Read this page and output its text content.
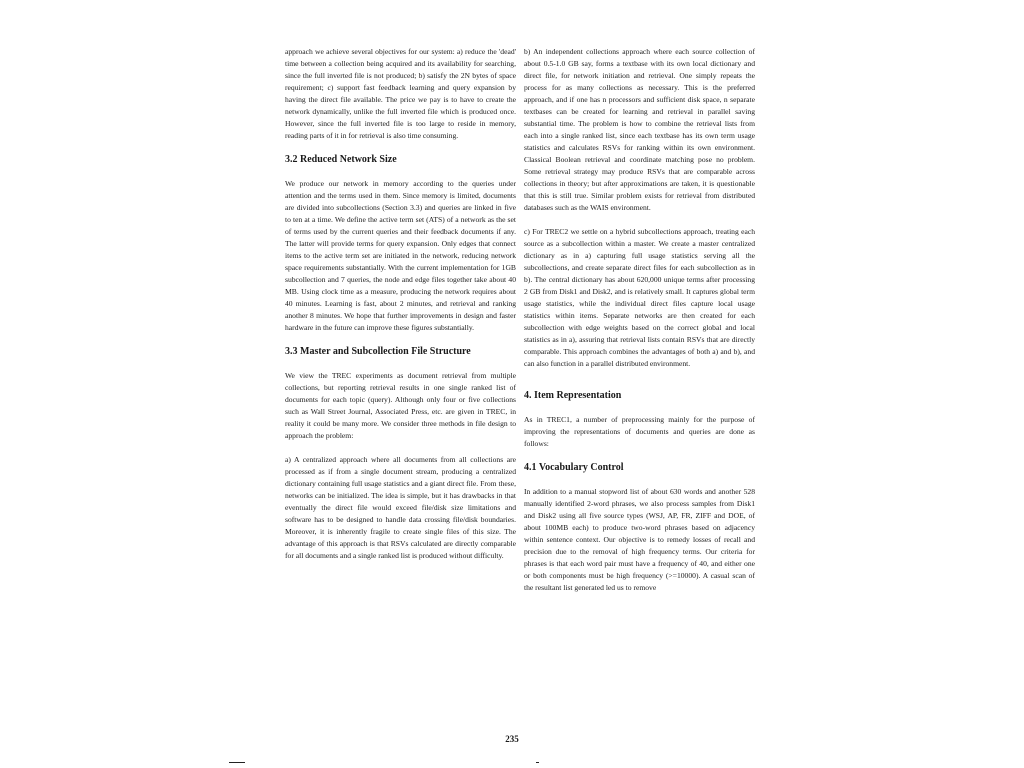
approach we achieve several objectives for our system: a) reduce the 'dead' time between a collection being acquired and its availability for searching, since the full inverted file is not produced; b) satisfy the 2N bytes of space requirement; c) support fast feedback learning and query expansion by having the direct file available. The price we pay is to have to create the network dynamically, unlike the full inverted file which is produced once. However, since the full inverted file is too large to reside in memory, reading parts of it in for retrieval is also time consuming.

3.2 Reduced Network Size

We produce our network in memory according to the queries under attention and the terms used in them. Since memory is limited, documents are divided into subcollections (Section 3.3) and queries are linked in five to ten at a time. We define the active term set (ATS) of a network as the set of terms used by the current queries and their feedback documents if any. The latter will provide terms for query expansion. Only edges that connect items to the active term set are initiated in the network, reducing network space requirements substantially. With the current implementation for 1GB subcollection and 7 queries, the node and edge files together take about 40 MB. Using clock time as a measure, producing the network requires about 40 minutes. Learning is fast, about 2 minutes, and retrieval and ranking another 8 minutes. We hope that further improvements in design and faster hardware in the future can improve these figures substantially.

3.3 Master and Subcollection File Structure

We view the TREC experiments as document retrieval from multiple collections, but reporting retrieval results in one single ranked list of documents for each topic (query). Although only four or five collections such as Wall Street Journal, Associated Press, etc. are given in TREC, in reality it could be many more. We consider three methods in file design to approach the problem:

a) A centralized approach where all documents from all collections are processed as if from a single document stream, producing a centralized dictionary containing full usage statistics and a giant direct file. From these, networks can be initialized. The idea is simple, but it has drawbacks in that eventually the direct file would exceed file/disk size limitations and software has to be designed to handle data crossing file/disk boundaries. Moreover, it is inherently fragile to create single files of this size. The advantage of this approach is that RSVs calculated are directly comparable for all documents and a single ranked list is produced without difficulty.

b) An independent collections approach where each source collection of about 0.5-1.0 GB say, forms a textbase with its own local dictionary and direct file, for network initiation and retrieval. One simply repeats the process for as many collections as necessary. This is the preferred approach, and if one has n processors and sufficient disk space, n separate textbases can be created for learning and retrieval in parallel saving substantial time. The problem is how to combine the retrieval lists from each into a single ranked list, since each textbase has its own term usage statistics and calculates RSVs for ranking within its own environment. Classical Boolean retrieval and coordinate matching pose no problem. Some retrieval strategy may produce RSVs that are comparable across collections in theory; but after approximations are taken, it is questionable that this is still true. Similar problem exists for retrieval from distributed databases such as the WAIS environment.

c) For TREC2 we settle on a hybrid subcollections approach, treating each source as a subcollection within a master. We create a master centralized dictionary as in a) capturing full usage statistics serving all the subcollections, and create separate direct files for each subcollection as in b). The central dictionary has about 620,000 unique terms after processing 2 GB from Disk1 and Disk2, and is relatively small. It captures global term usage statistics, while the individual direct files capture local usage statistics within items. Separate networks are then created for each subcollection with edge weights based on the correct global and local statistics as in a), assuring that retrieval lists contain RSVs that are directly comparable. This approach combines the advantages of both a) and b), and can also function in a parallel distributed environment.

4. Item Representation

As in TREC1, a number of preprocessing mainly for the purpose of improving the representations of documents and queries are done as follows:

4.1 Vocabulary Control

In addition to a manual stopword list of about 630 words and another 528 manually identified 2-word phrases, we also process samples from Disk1 and Disk2 using all five source types (WSJ, AP, FR, ZIFF and DOE, of about 100MB each) to produce two-word phrases based on adjacency within sentence context. Our objective is to remedy losses of recall and precision due to the removal of high frequency terms. Our criteria for phrases is that each word pair must have a frequency of 40, and either one or both components must be high frequency (>=10000). A casual scan of the resultant list generated led us to remove

235
